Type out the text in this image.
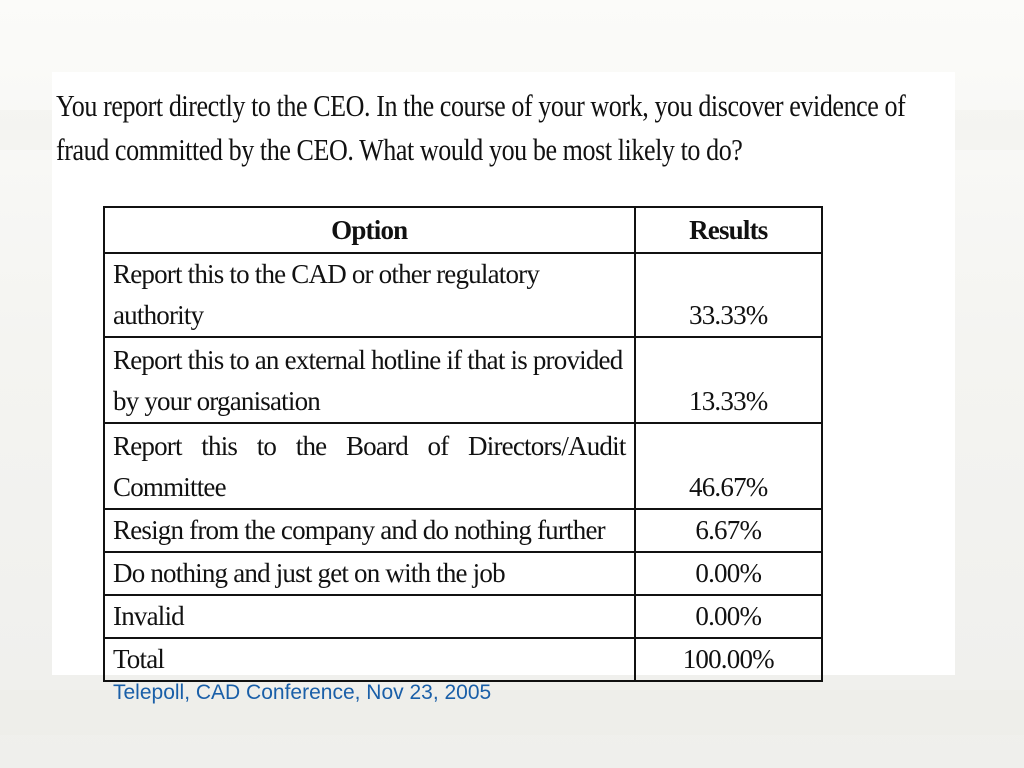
You report directly to the CEO. In the course of your work, you discover evidence of
fraud committed by the CEO. What would you be most likely to do?

Option	Results
Report this to the CAD or other regulatory authority	33.33%
Report this to an external hotline if that is provided by your organisation	13.33%
Report this to the Board of Directors/Audit Committee	46.67%
Resign from the company and do nothing further	6.67%
Do nothing and just get on with the job	0.00%
Invalid	0.00%
Total	100.00%

Telepoll, CAD Conference, Nov 23, 2005
